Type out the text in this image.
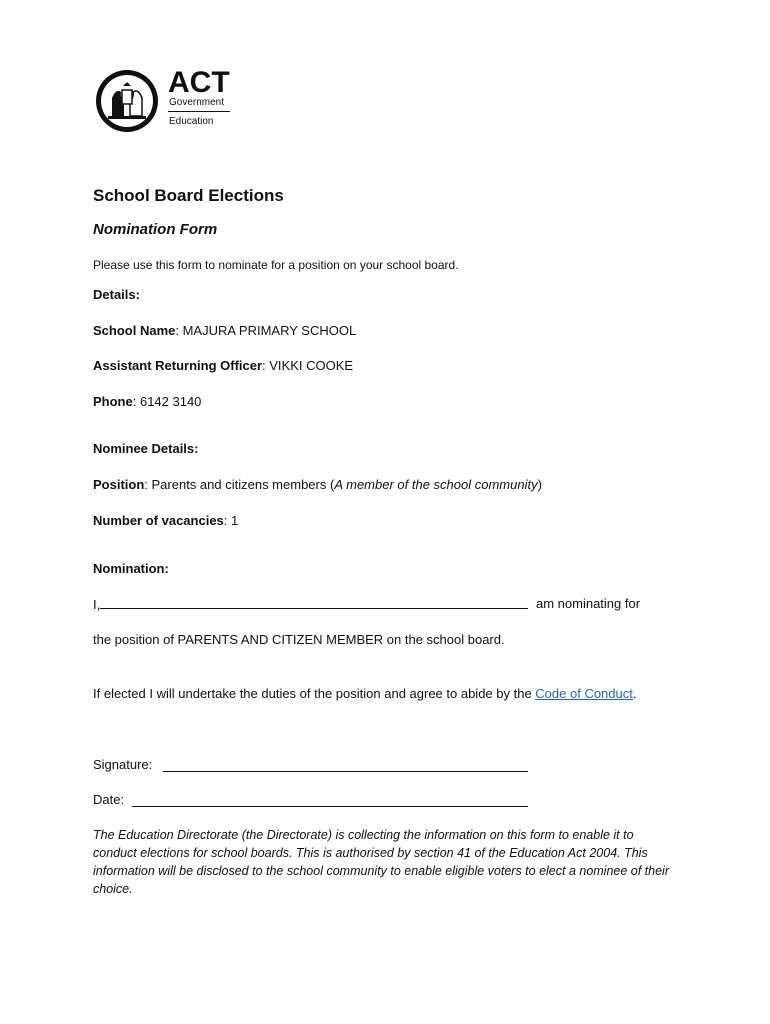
ACT
Government
Education
School Board Elections
Nomination Form
Please use this form to nominate for a position on your school board.
Details:
School Name: MAJURA PRIMARY SCHOOL
Assistant Returning Officer: VIKKI COOKE
Phone: 6142 3140
Nominee Details:
Position: Parents and citizens members (A member of the school community)
Number of vacancies: 1
Nomination:
I,	am nominating for
the position of PARENTS AND CITIZEN MEMBER on the school board.
If elected I will undertake the duties of the position and agree to abide by the Code of Conduct.
Signature:
Date:
The Education Directorate (the Directorate) is collecting the information on this form to enable it to conduct elections for school boards. This is authorised by section 41 of the Education Act 2004. This information will be disclosed to the school community to enable eligible voters to elect a nominee of their choice.
